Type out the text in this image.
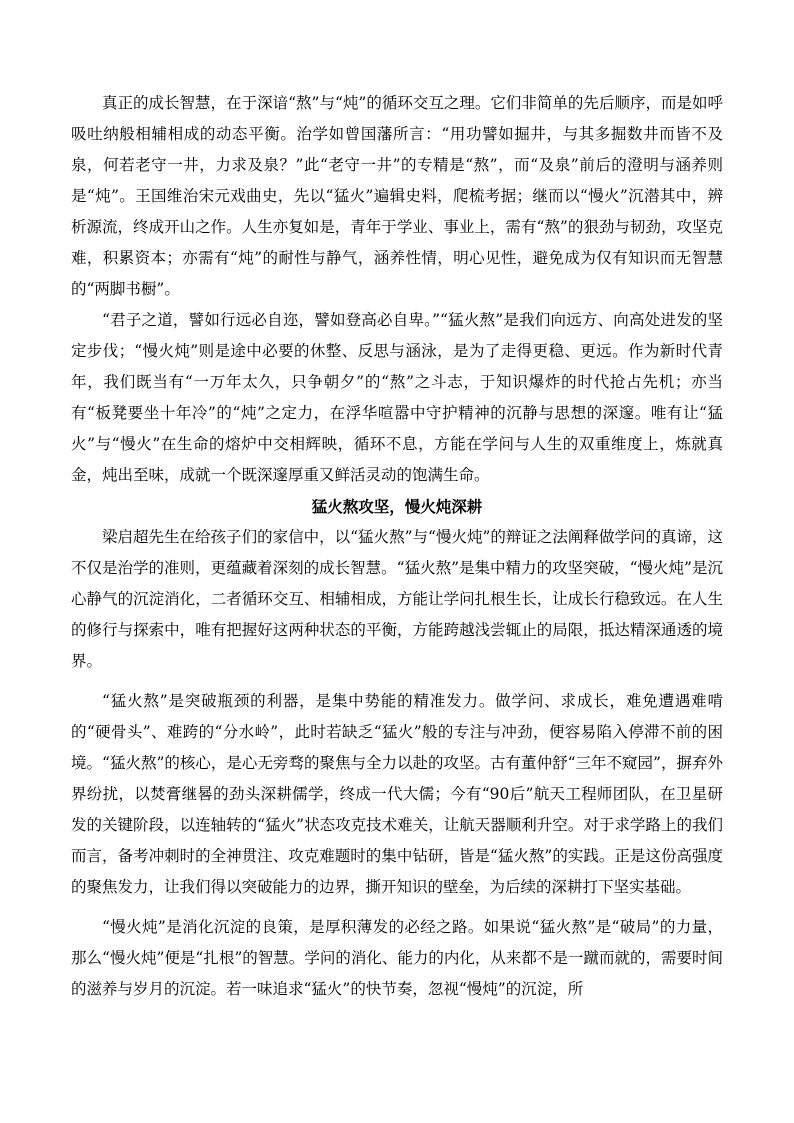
真正的成长智慧，在于深谙“熬”与“炖”的循环交互之理。它们非简单的先后顺序，而是如呼吸吐纳般相辅相成的动态平衡。治学如曾国藩所言：“用功譬如掘井，与其多掘数井而皆不及泉，何若老守一井，力求及泉？”此“老守一井”的专精是“熬”，而“及泉”前后的澄明与涵养则是“炖”。王国维治宋元戏曲史，先以“猛火”遍辑史料，爬梳考据；继而以“慢火”沉潜其中，辨析源流，终成开山之作。人生亦复如是，青年于学业、事业上，需有“熬”的狠劲与韧劲，攻坚克难，积累资本；亦需有“炖”的耐性与静气，涵养性情，明心见性，避免成为仅有知识而无智慧的“两脚书橱”。

“君子之道，譬如行远必自迩，譬如登高必自卑。”“猛火熬”是我们向远方、向高处进发的坚定步伐；“慢火炖”则是途中必要的休整、反思与涵泳，是为了走得更稳、更远。作为新时代青年，我们既当有“一万年太久，只争朝夕”的“熬”之斗志，于知识爆炸的时代抢占先机；亦当有“板凳要坐十年冷”的“炖”之定力，在浮华喧嚣中守护精神的沉静与思想的深邃。唯有让“猛火”与“慢火”在生命的熔炉中交相辉映，循环不息，方能在学问与人生的双重维度上，炼就真金，炖出至味，成就一个既深邃厚重又鲜活灵动的饱满生命。

猛火熬攻坚，慢火炖深耕

梁启超先生在给孩子们的家信中，以“猛火熬”与“慢火炖”的辩证之法阐释做学问的真谛，这不仅是治学的准则，更蕴藏着深刻的成长智慧。“猛火熬”是集中精力的攻坚突破，“慢火炖”是沉心静气的沉淀消化，二者循环交互、相辅相成，方能让学问扎根生长，让成长行稳致远。在人生的修行与探索中，唯有把握好这两种状态的平衡，方能跨越浅尝辄止的局限，抵达精深通透的境界。

“猛火熬”是突破瓶颈的利器，是集中势能的精准发力。做学问、求成长，难免遭遇难啃的“硬骨头”、难跨的“分水岭”，此时若缺乏“猛火”般的专注与冲劲，便容易陷入停滞不前的困境。“猛火熬”的核心，是心无旁骛的聚焦与全力以赴的攻坚。古有董仲舒“三年不窥园”，摒弃外界纷扰，以焚膏继晷的劲头深耕儒学，终成一代大儒；今有“90后”航天工程师团队，在卫星研发的关键阶段，以连轴转的“猛火”状态攻克技术难关，让航天器顺利升空。对于求学路上的我们而言，备考冲刺时的全神贯注、攻克难题时的集中钻研，皆是“猛火熬”的实践。正是这份高强度的聚焦发力，让我们得以突破能力的边界，撕开知识的壁垒，为后续的深耕打下坚实基础。

“慢火炖”是消化沉淀的良策，是厚积薄发的必经之路。如果说“猛火熬”是“破局”的力量，那么“慢火炖”便是“扎根”的智慧。学问的消化、能力的内化，从来都不是一蹴而就的，需要时间的滋养与岁月的沉淀。若一味追求“猛火”的快节奏，忽视“慢炖”的沉淀，所
